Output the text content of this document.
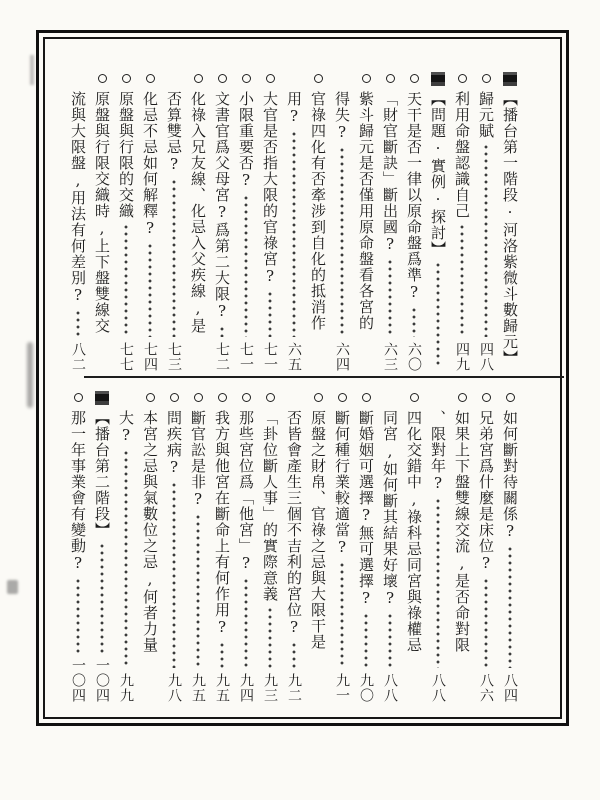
【播台第一階段·河洛紫微斗數歸元】
歸元賦
四八
利用命盤認識自己
四九
【問題·實例·探討】
天干是否一律以原命盤爲準?
六〇
「財官斷訣」斷出國?
六三
紫斗歸元是否僅用原命盤看各宮的
得失?
六四
官祿四化有否牽涉到自化的抵消作
用?
六五
大官是否指大限的官祿宮?
七一
小限重要否?
七一
文書官爲父母宮?爲第二大限?
七二
化祿入兄友線、化忌入父疾線,是
否算雙忌?
七三
化忌不忌如何解釋?
七四
原盤與行限的交織
七七
原盤與行限交織時,上下盤雙線交
流與大限盤,用法有何差別?
八二
如何斷對待關係?
八四
兄弟宮爲什麼是床位?
八六
如果上下盤雙線交流,是否命對限
、限對年?
八八
四化交錯中,祿科忌同宮與祿權忌
同宮,如何斷其結果好壞?
八八
斷婚姻可選擇?無可選擇?
九〇
斷何種行業較適當?
九一
原盤之財帛、官祿之忌與大限干是
否皆會產生三個不吉利的宮位?
九二
「卦位斷人事」的實際意義
九三
那些宮位爲「他宮」?
九四
我方與他宮在斷命上有何作用?
九五
斷官訟是非?
九五
問疾病?
九八
本宮之忌與氣數位之忌,何者力量
大?
九九
【播台第二階段】
一〇四
那一年事業會有變動?
一〇四
